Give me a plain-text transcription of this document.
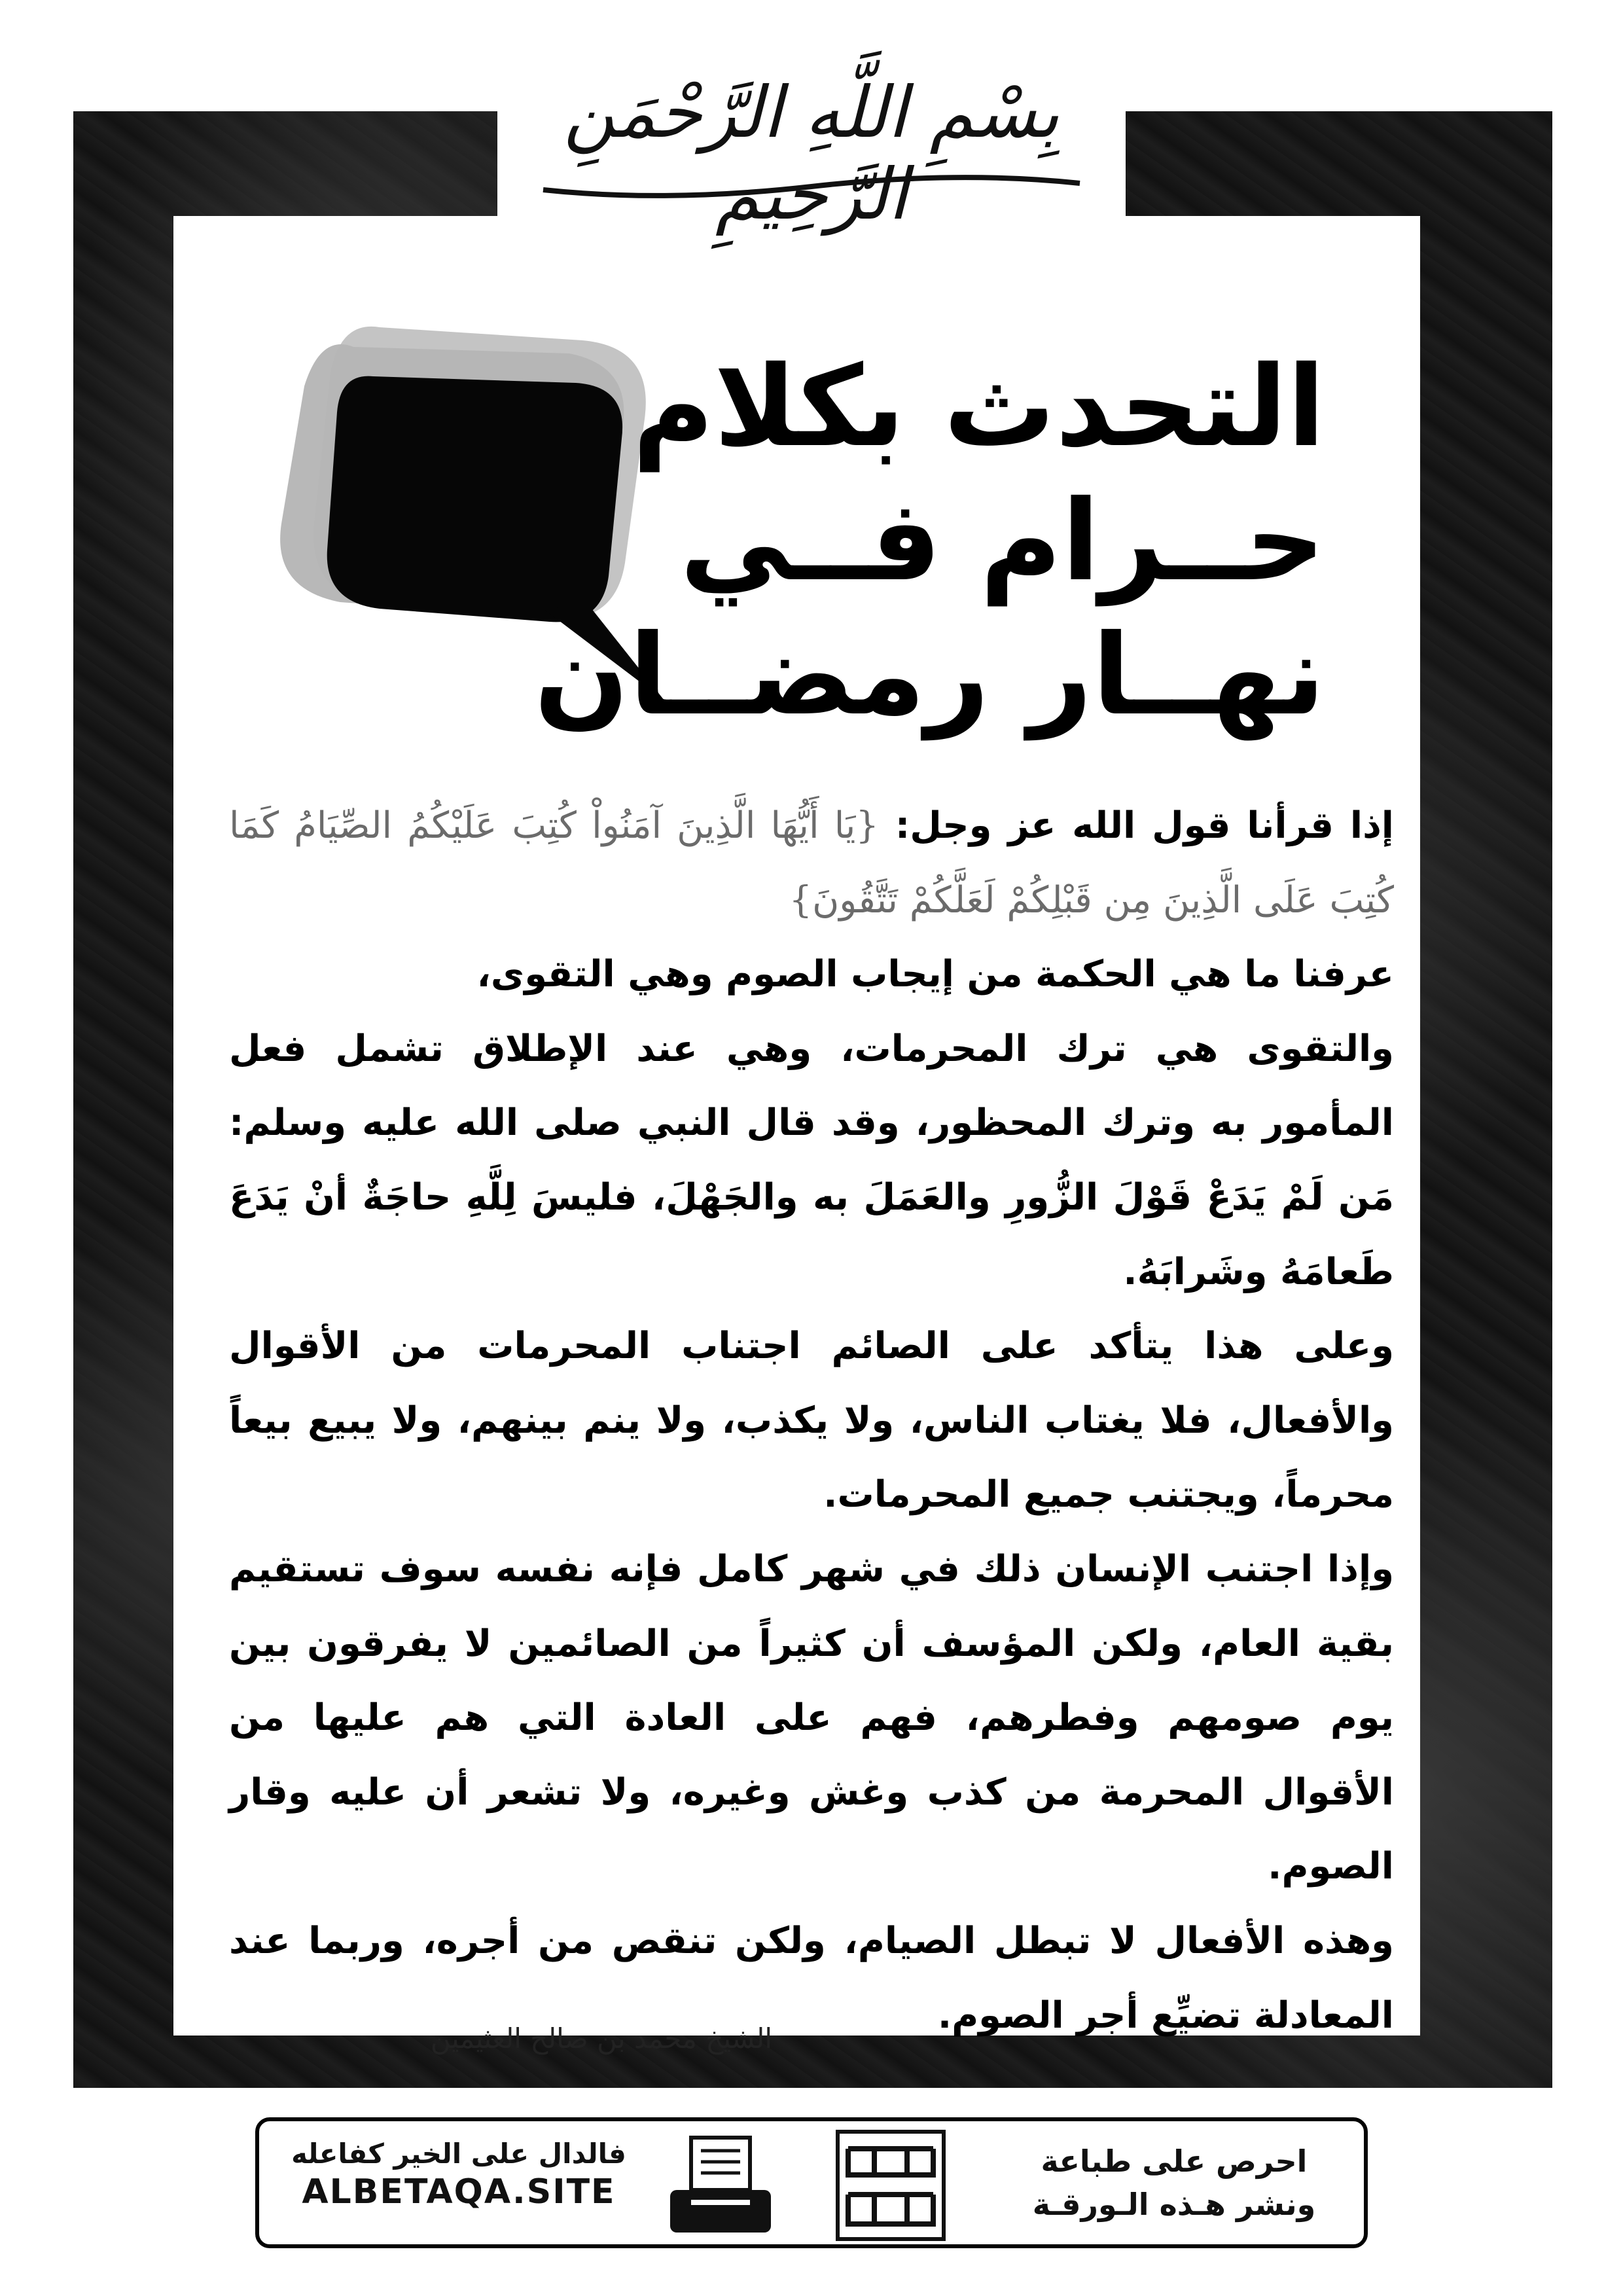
بِسْمِ اللَّهِ الرَّحْمَنِ الرَّحِيمِ
التحدث بكلام
حــرام فــي
نهــار رمضــان

إذا قرأنا قول الله عز وجل: {يَا أَيُّهَا الَّذِينَ آمَنُواْ كُتِبَ عَلَيْكُمُ الصِّيَامُ كَمَا كُتِبَ عَلَى الَّذِينَ مِن قَبْلِكُمْ لَعَلَّكُمْ تَتَّقُونَ}

عرفنا ما هي الحكمة من إيجاب الصوم وهي التقوى،

والتقوى هي ترك المحرمات، وهي عند الإطلاق تشمل فعل المأمور به وترك المحظور، وقد قال النبي صلى الله عليه وسلم: مَن لَمْ يَدَعْ قَوْلَ الزُّورِ والعَمَلَ به والجَهْلَ، فليسَ لِلَّهِ حاجَةٌ أنْ يَدَعَ طَعامَهُ وشَرابَهُ.

وعلى هذا يتأكد على الصائم اجتناب المحرمات من الأقوال والأفعال، فلا يغتاب الناس، ولا يكذب، ولا ينم بينهم، ولا يبيع بيعاً محرماً، ويجتنب جميع المحرمات.

وإذا اجتنب الإنسان ذلك في شهر كامل فإنه نفسه سوف تستقيم بقية العام، ولكن المؤسف أن كثيراً من الصائمين لا يفرقون بين يوم صومهم وفطرهم، فهم على العادة التي هم عليها من الأقوال المحرمة من كذب وغش وغيره، ولا تشعر أن عليه وقار الصوم.

وهذه الأفعال لا تبطل الصيام، ولكن تنقص من أجره، وربما عند المعادلة تضيِّع أجر الصوم.

الشيخ محمد بن صالح العثيمين
فالدال على الخير كفاعله
ALBETAQA.SITE
احرص على طباعة
ونشر هـذه الـورقـة
